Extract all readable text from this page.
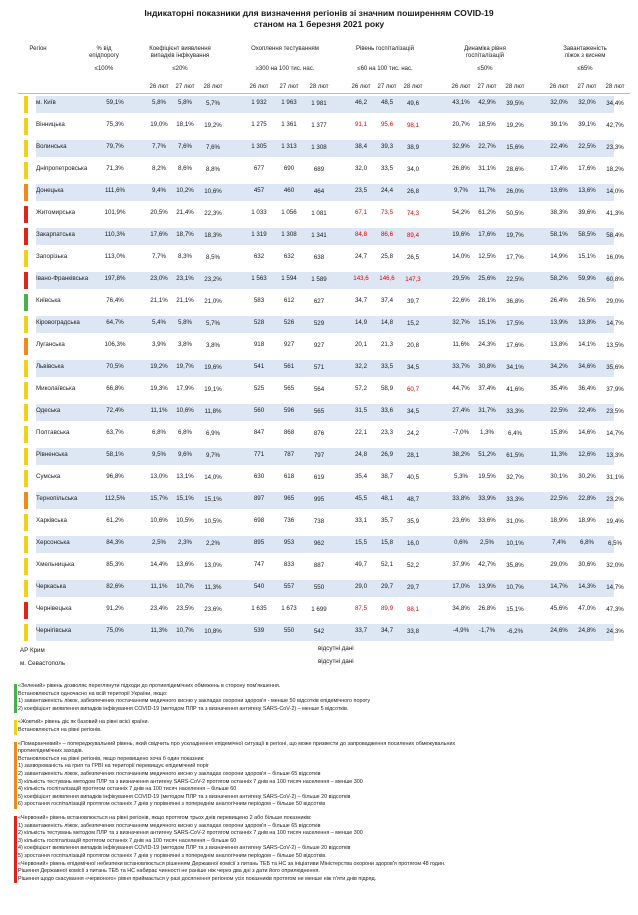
Індикаторні показники для визначення регіонів зі значним поширенням COVID-19
станом на 1 березня 2021 року
Регіон	% від
епідпорогу
≤100%
Коефіцієнт виявлення
випадків інфікування
≤20%
Охоплення тестуванням
≥300 на 100 тис. нас.
Рівень госпіталізацій
≤60 на 100 тис. нас.
Динаміка рівня
госпіталізацій
≤50%
Завантаженість
ліжок з киснем
≤65%
26 лют	27 лют	28 лют	26 лют	27 лют	28 лют	26 лют	27 лют	28 лют	26 лют	27 лют	28 лют	26 лют	27 лют	28 лют
м. Київ	59,1%	5,8%	5,8%	5,7%	1 932	1 963	1 981	46,2	48,5	49,6	43,1%	42,9%	39,5%	32,0%	32,0%	34,4%
Вінницька	75,3%	19,0%	18,1%	19,2%	1 275	1 361	1 377	91,1	95,6	98,1	20,7%	18,5%	19,2%	39,1%	39,1%	42,7%
Волинська	79,7%	7,7%	7,6%	7,6%	1 305	1 313	1 308	38,4	39,3	38,9	32,9%	22,7%	15,6%	22,4%	22,5%	23,3%
Дніпропетровська	71,3%	8,2%	8,6%	8,8%	677	690	689	32,0	33,5	34,0	26,8%	31,1%	28,6%	17,4%	17,6%	18,2%
Донецька	111,6%	9,4%	10,2%	10,6%	457	460	464	23,5	24,4	26,8	9,7%	11,7%	26,0%	13,6%	13,6%	14,0%
Житомирська	101,9%	20,5%	21,4%	22,3%	1 033	1 056	1 081	67,1	73,5	74,3	54,2%	61,2%	50,5%	38,3%	39,6%	41,3%
Закарпатська	110,3%	17,6%	18,7%	18,3%	1 319	1 308	1 341	84,8	86,6	89,4	19,6%	17,6%	19,7%	58,1%	58,5%	58,4%
Запорізька	113,0%	7,7%	8,3%	8,5%	632	632	638	24,7	25,8	26,5	14,0%	12,5%	17,7%	14,9%	15,1%	16,0%
Івано-Франківська	197,8%	23,0%	23,1%	23,2%	1 563	1 594	1 589	143,6	146,6	147,3	29,5%	25,6%	22,5%	58,2%	59,9%	60,8%
Київська	76,4%	21,1%	21,1%	21,0%	583	612	627	34,7	37,4	39,7	22,6%	28,1%	36,8%	26,4%	26,5%	29,0%
Кіровоградська	64,7%	5,4%	5,8%	5,7%	528	526	529	14,9	14,8	15,2	32,7%	15,1%	17,5%	13,9%	13,8%	14,7%
Луганська	106,3%	3,9%	3,8%	3,8%	918	927	927	20,1	21,3	20,8	11,6%	24,3%	17,6%	13,8%	14,1%	13,5%
Львівська	70,5%	19,2%	19,7%	19,6%	541	561	571	32,2	33,5	34,5	33,7%	30,8%	34,1%	34,2%	34,6%	35,6%
Миколаївська	66,8%	19,3%	17,9%	19,1%	525	565	564	57,2	58,9	60,7	44,7%	37,4%	41,6%	35,4%	36,4%	37,9%
Одеська	72,4%	11,1%	10,6%	11,8%	560	596	565	31,5	33,6	34,5	27,4%	31,7%	33,3%	22,5%	22,4%	23,5%
Полтавська	63,7%	6,8%	6,8%	6,9%	847	868	876	22,1	23,3	24,2	-7,0%	1,3%	6,4%	15,8%	14,6%	14,7%
Рівненська	58,1%	9,5%	9,6%	9,7%	771	787	797	24,8	26,9	28,1	38,2%	51,2%	61,5%	11,3%	12,6%	13,3%
Сумська	96,8%	13,0%	13,1%	14,0%	630	618	619	35,4	38,7	40,5	5,3%	19,5%	32,7%	30,1%	30,2%	31,1%
Тернопільська	112,5%	15,7%	15,1%	15,1%	897	965	995	45,5	48,1	48,7	33,8%	33,9%	33,3%	22,5%	22,8%	23,2%
Харківська	61,2%	10,6%	10,5%	10,5%	698	736	738	33,1	35,7	35,9	23,6%	33,6%	31,0%	18,9%	18,9%	19,4%
Херсонська	84,3%	2,5%	2,3%	2,2%	895	953	962	15,5	15,8	16,0	0,6%	2,5%	10,1%	7,4%	6,8%	6,5%
Хмельницька	85,3%	14,4%	13,6%	13,0%	747	833	887	49,7	52,1	52,2	37,9%	42,7%	35,8%	29,0%	30,6%	32,0%
Черкаська	82,6%	11,1%	10,7%	11,3%	540	557	550	29,0	29,7	29,7	17,0%	13,9%	10,7%	14,7%	14,3%	14,7%
Чернівецька	91,2%	23,4%	23,5%	23,6%	1 635	1 673	1 699	87,5	89,9	88,1	34,8%	26,8%	15,1%	45,6%	47,0%	47,3%
Чернігівська	75,0%	11,3%	10,7%	10,8%	539	550	542	33,7	34,7	33,8	-4,9%	-1,7%	-6,2%	24,6%	24,8%	24,3%
АР Крим	відсутні дані
м. Севастополь	відсутні дані
«Зелений» рівень дозволяє переглянути підходи до протиепідемічних обмежень в сторону пом'якшення.
Встановлюється одночасно на всій території України, якщо:
1) завантаженість ліжок, забезпечених постачанням медичного кисню у закладах охорони здоров'я - менше 50 відсотків епідемічного порогу
2) коефіцієнт виявлення випадків інфікування COVID-19 (методом ПЛР та з визначення антигену SARS-CoV-2) – менше 5 відсотків.
«Жовтий» рівень діє як базовий на рівні всієї країни.
Встановлюється на рівні регіонів.
«Помаранчевий» – попереджувальний рівень, який свідчить про ускладнення епідемічної ситуації в регіоні, що може призвести до запровадження посилених обмежувальних
протиепідемічних заходів.
Встановлюється на рівні регіонів, якщо перевищено хоча б один показник:
1) захворюваність на грип та ГРВІ на території перевищує епідемічний поріг
2) завантаженість ліжок, забезпечених постачанням медичного кисню у закладах охорони здоров'я – більше 65 відсотків
3) кількість тестувань методом ПЛР та з визначення антигену SARS-CoV-2 протягом останніх 7 днів на 100 тисяч населення – менше 300
4) кількість госпіталізацій протягом останніх 7 днів на 100 тисяч населення – більше 60
5) коефіцієнт виявлення випадків інфікування COVID-19 (методом ПЛР та з визначення антигену SARS-CoV-2) – більше 20 відсотків
6) зростання госпіталізацій протягом останніх 7 днів у порівнянні з попереднім аналогічним періодом – більше 50 відсотків
«Червоний» рівень встановлюється на рівні регіонів, якщо протягом трьох днів перевищено 2 або більше показників:
1) завантаженість ліжок, забезпечених постачанням медичного кисню у закладах охорони здоров'я – більше 65 відсотків
2) кількість тестувань методом ПЛР та з визначення антигену SARS-CoV-2 протягом останніх 7 днів на 100 тисяч населення – менше 300
3) кількість госпіталізацій протягом останніх 7 днів на 100 тисяч населення – більше 60
4) коефіцієнт виявлення випадків інфікування COVID-19 (методом ПЛР та з визначення антигену SARS-CoV-2) – більше 20 відсотків
5) зростання госпіталізацій протягом останніх 7 днів у порівнянні з попереднім аналогічним періодом – більше 50 відсотків.
«Червоний» рівень епідемічної небезпеки встановлюється рішенням Державної комісії з питань ТЕБ та НС за ініціативи Міністерства охорони здоров'я протягом 48 годин.
Рішення Державної комісії з питань ТЕБ та НС набирає чинності не раніше ніж через два дні з дати його оприлюднення.
Рішення щодо скасування «червоного» рівня приймається у разі досягнення регіоном усіх показників протягом не менше ніж п'яти днів підряд.
